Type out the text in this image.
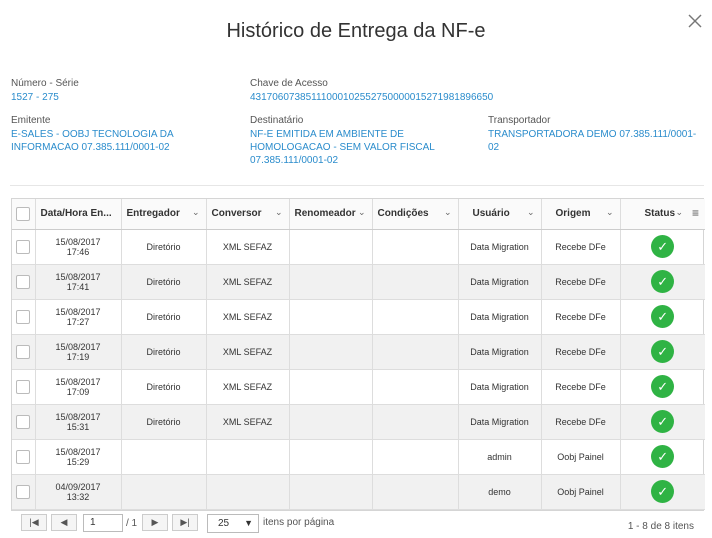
Histórico de Entrega da NF-e
Número - Série
1527 - 275
Chave de Acesso
43170607385111000102552750000015271981896650
Emitente
E-SALES - OOBJ TECNOLOGIA DA INFORMACAO 07.385.111/0001-02
Destinatário
NF-E EMITIDA EM AMBIENTE DE HOMOLOGACAO - SEM VALOR FISCAL 07.385.111/0001-02
Transportador
TRANSPORTADORA DEMO 07.385.111/0001-02
	Data/Hora En...	Entregador ⌄	Conversor ⌄	Renomeador ⌄	Condições ⌄	Usuário ⌄	Origem ⌄	Status ⌄ ≡

	15/08/2017
17:46	Diretório	XML SEFAZ			Data Migration	Recebe DFe	✓

	15/08/2017
17:41	Diretório	XML SEFAZ			Data Migration	Recebe DFe	✓

	15/08/2017
17:27	Diretório	XML SEFAZ			Data Migration	Recebe DFe	✓

	15/08/2017
17:19	Diretório	XML SEFAZ			Data Migration	Recebe DFe	✓

	15/08/2017
17:09	Diretório	XML SEFAZ			Data Migration	Recebe DFe	✓

	15/08/2017
15:31	Diretório	XML SEFAZ			Data Migration	Recebe DFe	✓

	15/08/2017
15:29					admin	Oobj Painel	✓

	04/09/2017
13:32					demo	Oobj Painel	✓
|◀	◀	1	/ 1	▶	▶|	25 ▼ itens por página	1 - 8 de 8 itens
